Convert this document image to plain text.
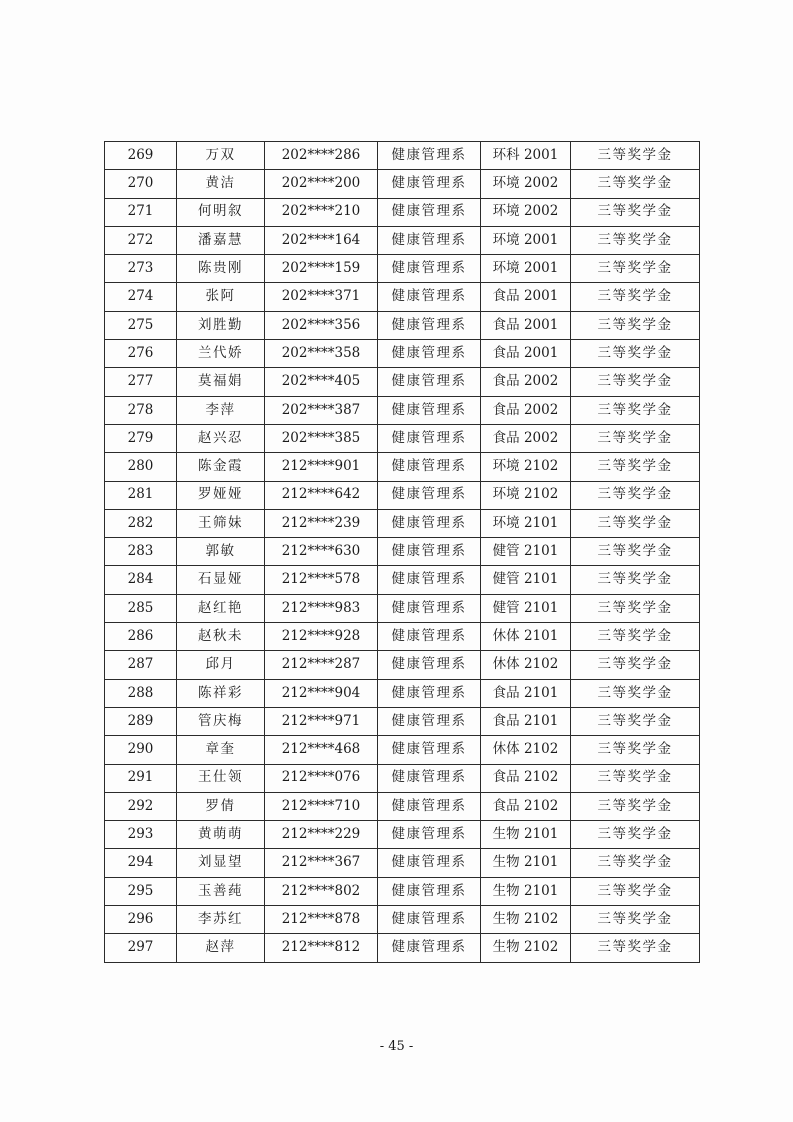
269	万双	202****286	健康管理系	环科 2001	三等奖学金
270	黄洁	202****200	健康管理系	环境 2002	三等奖学金
271	何明叙	202****210	健康管理系	环境 2002	三等奖学金
272	潘嘉慧	202****164	健康管理系	环境 2001	三等奖学金
273	陈贵刚	202****159	健康管理系	环境 2001	三等奖学金
274	张阿	202****371	健康管理系	食品 2001	三等奖学金
275	刘胜勤	202****356	健康管理系	食品 2001	三等奖学金
276	兰代娇	202****358	健康管理系	食品 2001	三等奖学金
277	莫福娟	202****405	健康管理系	食品 2002	三等奖学金
278	李萍	202****387	健康管理系	食品 2002	三等奖学金
279	赵兴忍	202****385	健康管理系	食品 2002	三等奖学金
280	陈金霞	212****901	健康管理系	环境 2102	三等奖学金
281	罗娅娅	212****642	健康管理系	环境 2102	三等奖学金
282	王筛妹	212****239	健康管理系	环境 2101	三等奖学金
283	郭敏	212****630	健康管理系	健管 2101	三等奖学金
284	石显娅	212****578	健康管理系	健管 2101	三等奖学金
285	赵红艳	212****983	健康管理系	健管 2101	三等奖学金
286	赵秋未	212****928	健康管理系	休体 2101	三等奖学金
287	邱月	212****287	健康管理系	休体 2102	三等奖学金
288	陈祥彩	212****904	健康管理系	食品 2101	三等奖学金
289	管庆梅	212****971	健康管理系	食品 2101	三等奖学金
290	章奎	212****468	健康管理系	休体 2102	三等奖学金
291	王仕领	212****076	健康管理系	食品 2102	三等奖学金
292	罗倩	212****710	健康管理系	食品 2102	三等奖学金
293	黄萌萌	212****229	健康管理系	生物 2101	三等奖学金
294	刘显望	212****367	健康管理系	生物 2101	三等奖学金
295	玉善莼	212****802	健康管理系	生物 2101	三等奖学金
296	李苏红	212****878	健康管理系	生物 2102	三等奖学金
297	赵萍	212****812	健康管理系	生物 2102	三等奖学金
- 45 -
